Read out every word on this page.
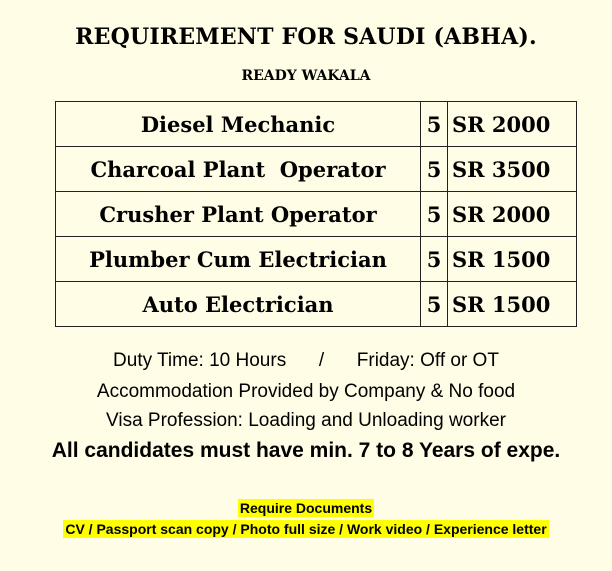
REQUIREMENT FOR SAUDI (ABHA).
READY WAKALA
Diesel Mechanic	5	SR 2000
Charcoal Plant  Operator	5	SR 3500
Crusher Plant Operator	5	SR 2000
Plumber Cum Electrician	5	SR 1500
Auto Electrician	5	SR 1500
Duty Time: 10 Hours / Friday: Off or OT
Accommodation Provided by Company & No food
Visa Profession: Loading and Unloading worker
All candidates must have min. 7 to 8 Years of expe.
Require Documents
CV / Passport scan copy / Photo full size / Work video / Experience letter
